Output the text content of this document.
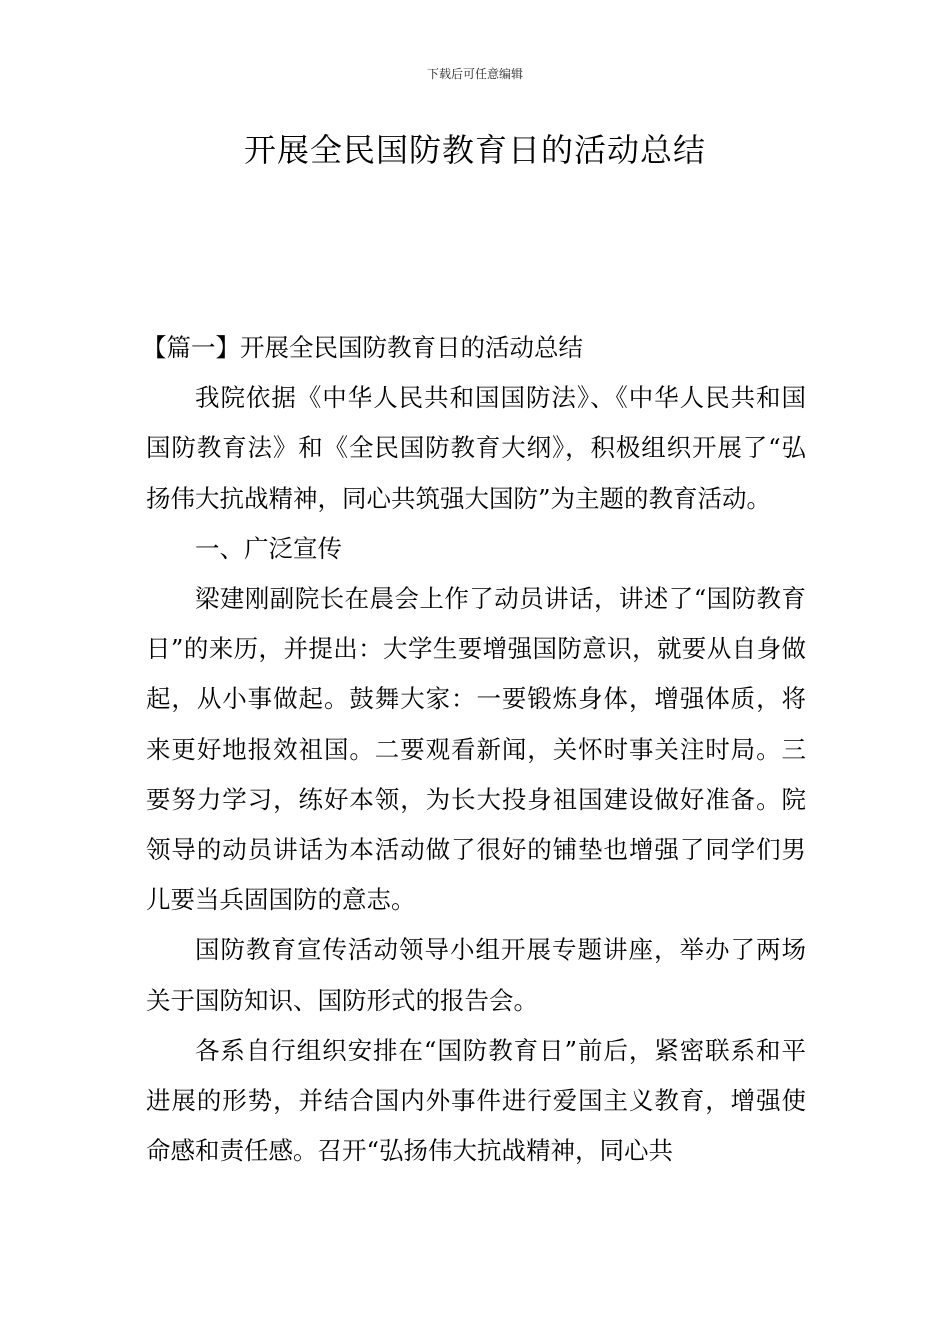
下载后可任意编辑
开展全民国防教育日的活动总结

【篇一】开展全民国防教育日的活动总结

我院依据《中华人民共和国国防法》、《中华人民共和国国防教育法》和《全民国防教育大纲》，积极组织开展了“弘扬伟大抗战精神，同心共筑强大国防”为主题的教育活动。

一、广泛宣传

梁建刚副院长在晨会上作了动员讲话，讲述了“国防教育日”的来历，并提出：大学生要增强国防意识，就要从自身做起，从小事做起。鼓舞大家：一要锻炼身体，增强体质，将来更好地报效祖国。二要观看新闻，关怀时事关注时局。三要努力学习，练好本领，为长大投身祖国建设做好准备。院领导的动员讲话为本活动做了很好的铺垫也增强了同学们男儿要当兵固国防的意志。

国防教育宣传活动领导小组开展专题讲座，举办了两场关于国防知识、国防形式的报告会。

各系自行组织安排在“国防教育日”前后，紧密联系和平进展的形势，并结合国内外事件进行爱国主义教育，增强使命感和责任感。召开“弘扬伟大抗战精神，同心共
